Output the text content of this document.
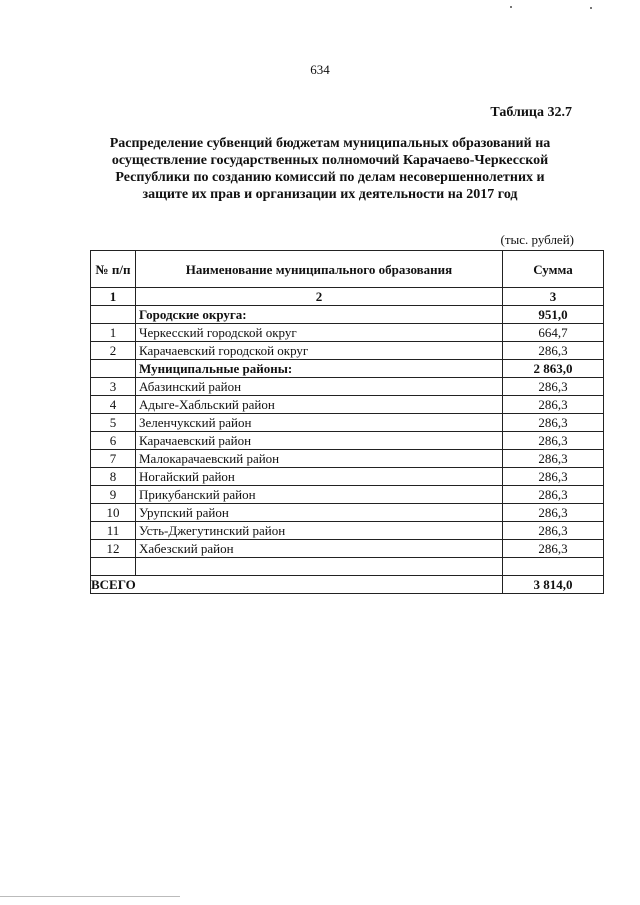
634
Таблица 32.7
Распределение субвенций бюджетам муниципальных образований на осуществление государственных полномочий Карачаево-Черкесской Республики по созданию комиссий по делам несовершеннолетних и защите их прав и организации их деятельности на 2017 год
(тыс. рублей)
№ п/п	Наименование муниципального образования	Сумма
1	2	3
	Городские округа:	951,0
1	Черкесский городской округ	664,7
2	Карачаевский городской округ	286,3
	Муниципальные районы:	2 863,0
3	Абазинский район	286,3
4	Адыге-Хабльский район	286,3
5	Зеленчукский район	286,3
6	Карачаевский район	286,3
7	Малокарачаевский район	286,3
8	Ногайский район	286,3
9	Прикубанский район	286,3
10	Урупский район	286,3
11	Усть-Джегутинский район	286,3
12	Хабезский район	286,3

ВСЕГО		3 814,0
